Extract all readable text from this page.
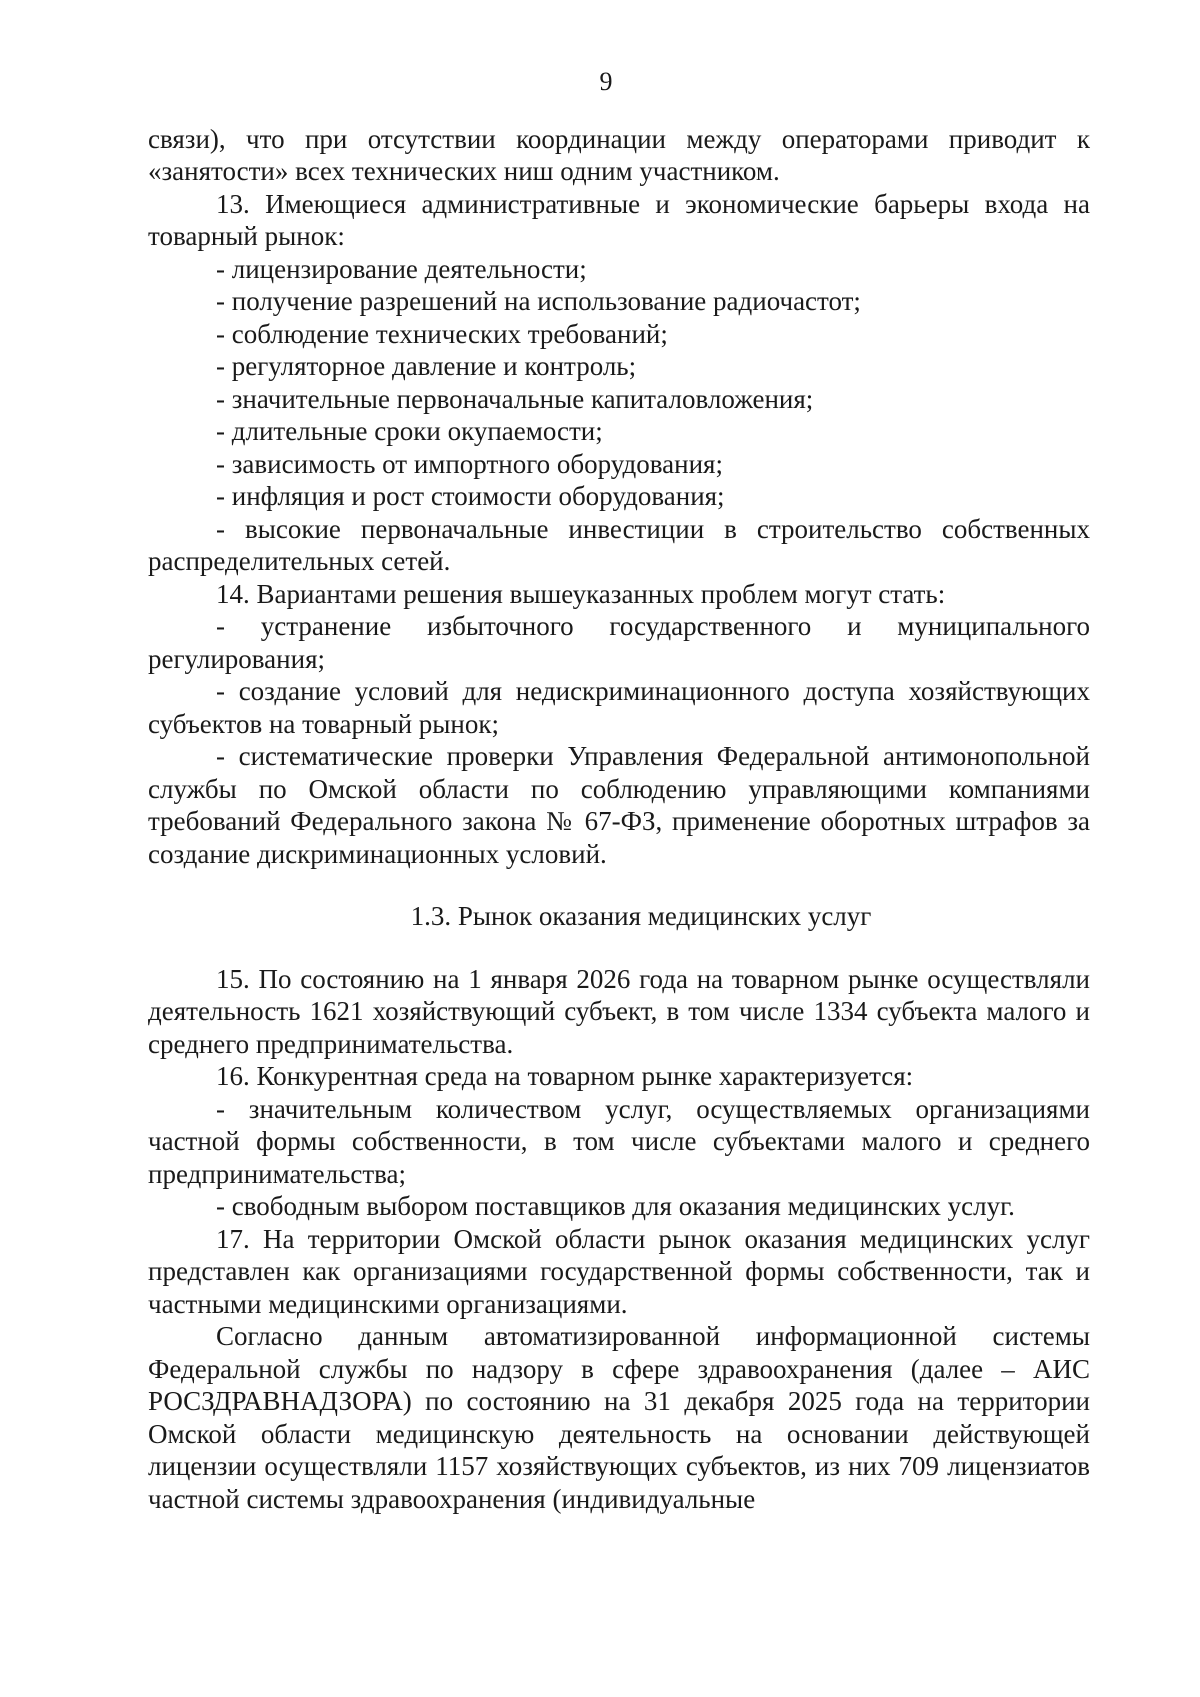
9

связи), что при отсутствии координации между операторами приводит к «занятости» всех технических ниш одним участником.

13. Имеющиеся административные и экономические барьеры входа на товарный рынок:

- лицензирование деятельности;

- получение разрешений на использование радиочастот;

- соблюдение технических требований;

- регуляторное давление и контроль;

- значительные первоначальные капиталовложения;

- длительные сроки окупаемости;

- зависимость от импортного оборудования;

- инфляция и рост стоимости оборудования;

- высокие первоначальные инвестиции в строительство собственных распределительных сетей.

14. Вариантами решения вышеуказанных проблем могут стать:

- устранение избыточного государственного и муниципального регулирования;

- создание условий для недискриминационного доступа хозяйствующих субъектов на товарный рынок;

- систематические проверки Управления Федеральной антимонопольной службы по Омской области по соблюдению управляющими компаниями требований Федерального закона № 67-ФЗ, применение оборотных штрафов за создание дискриминационных условий.

1.3. Рынок оказания медицинских услуг

15. По состоянию на 1 января 2026 года на товарном рынке осуществляли деятельность 1621 хозяйствующий субъект, в том числе 1334 субъекта малого и среднего предпринимательства.

16. Конкурентная среда на товарном рынке характеризуется:

- значительным количеством услуг, осуществляемых организациями частной формы собственности, в том числе субъектами малого и среднего предпринимательства;

- свободным выбором поставщиков для оказания медицинских услуг.

17. На территории Омской области рынок оказания медицинских услуг представлен как организациями государственной формы собственности, так и частными медицинскими организациями.

Согласно данным автоматизированной информационной системы Федеральной службы по надзору в сфере здравоохранения (далее – АИС РОСЗДРАВНАДЗОРА) по состоянию на 31 декабря 2025 года на территории Омской области медицинскую деятельность на основании действующей лицензии осуществляли 1157 хозяйствующих субъектов, из них 709 лицензиатов частной системы здравоохранения (индивидуальные
